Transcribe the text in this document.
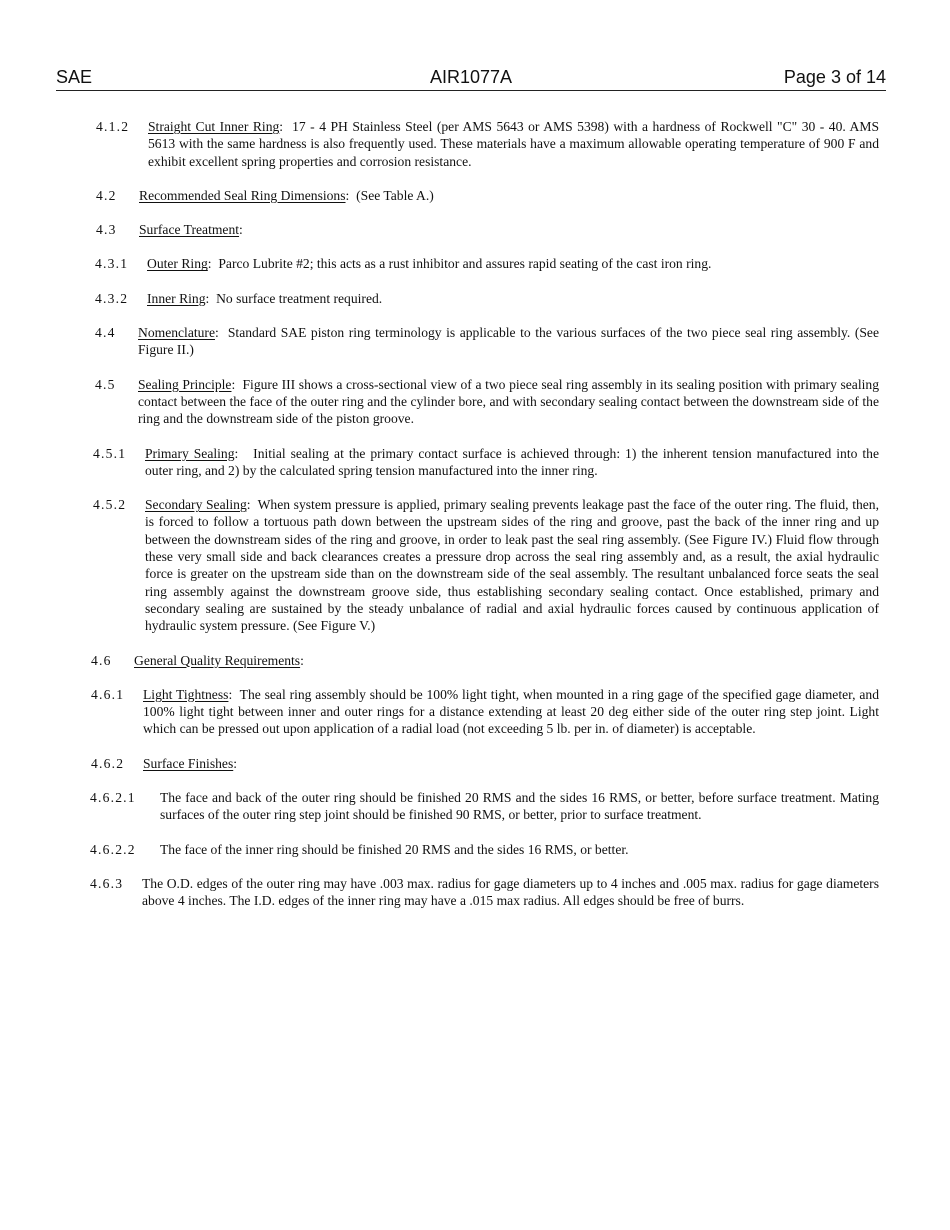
SAE	AIR1077A	Page 3 of 14
4.1.2	Straight Cut Inner Ring:  17 - 4 PH Stainless Steel (per AMS 5643 or AMS 5398) with a hardness of Rockwell "C" 30 - 40. AMS 5613 with the same hardness is also frequently used. These materials have a maximum allowable operating temperature of 900 F and exhibit excellent spring properties and corrosion resistance.
4.2	Recommended Seal Ring Dimensions:  (See Table A.)
4.3	Surface Treatment:
4.3.1	Outer Ring:  Parco Lubrite #2; this acts as a rust inhibitor and assures rapid seating of the cast iron ring.
4.3.2	Inner Ring:  No surface treatment required.
4.4	Nomenclature:  Standard SAE piston ring terminology is applicable to the various surfaces of the two piece seal ring assembly. (See Figure II.)
4.5	Sealing Principle:  Figure III shows a cross-sectional view of a two piece seal ring assembly in its sealing position with primary sealing contact between the face of the outer ring and the cylinder bore, and with secondary sealing contact between the downstream side of the ring and the downstream side of the piston groove.
4.5.1	Primary Sealing:   Initial sealing at the primary contact surface is achieved through: 1) the inherent tension manufactured into the outer ring, and 2) by the calculated spring tension manufactured into the inner ring.
4.5.2	Secondary Sealing:  When system pressure is applied, primary sealing prevents leakage past the face of the outer ring. The fluid, then, is forced to follow a tortuous path down between the upstream sides of the ring and groove, past the back of the inner ring and up between the downstream sides of the ring and groove, in order to leak past the seal ring assembly. (See Figure IV.) Fluid flow through these very small side and back clearances creates a pressure drop across the seal ring assembly and, as a result, the axial hydraulic force is greater on the upstream side than on the downstream side of the seal assembly. The resultant unbalanced force seats the seal ring assembly against the downstream groove side, thus establishing secondary sealing contact. Once established, primary and secondary sealing are sustained by the steady unbalance of radial and axial hydraulic forces caused by continuous application of hydraulic system pressure. (See Figure V.)
4.6	General Quality Requirements:
4.6.1	Light Tightness:  The seal ring assembly should be 100% light tight, when mounted in a ring gage of the specified gage diameter, and 100% light tight between inner and outer rings for a distance extending at least 20 deg either side of the outer ring step joint. Light which can be pressed out upon application of a radial load (not exceeding 5 lb. per in. of diameter) is acceptable.
4.6.2	Surface Finishes:
4.6.2.1	The face and back of the outer ring should be finished 20 RMS and the sides 16 RMS, or better, before surface treatment. Mating surfaces of the outer ring step joint should be finished 90 RMS, or better, prior to surface treatment.
4.6.2.2	The face of the inner ring should be finished 20 RMS and the sides 16 RMS, or better.
4.6.3	The O.D. edges of the outer ring may have .003 max. radius for gage diameters up to 4 inches and .005 max. radius for gage diameters above 4 inches. The I.D. edges of the inner ring may have a .015 max radius. All edges should be free of burrs.
